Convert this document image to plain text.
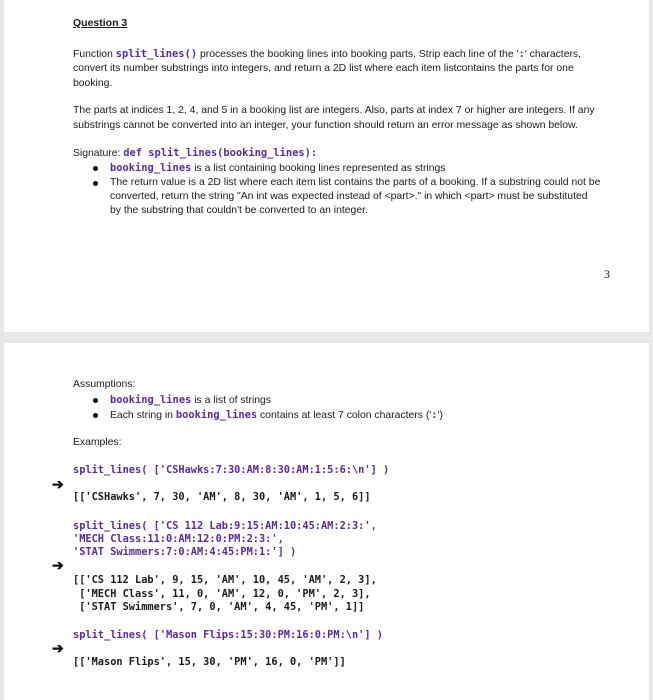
Question 3
Function split_lines() processes the booking lines into booking parts. Strip each line of the ':' characters,
convert its number substrings into integers, and return a 2D list where each item listcontains the parts for one
booking.
The parts at indices 1, 2, 4, and 5 in a booking list are integers. Also, parts at index 7 or higher are integers. If any
substrings cannot be converted into an integer, your function should return an error message as shown below.
Signature: def split_lines(booking_lines):
booking_lines is a list containing booking lines represented as strings
The return value is a 2D list where each item list contains the parts of a booking. If a substring could not be
converted, return the string "An int was expected instead of <part>." in which <part> must be substituted
by the substring that couldn't be converted to an integer.
3
Assumptions:
booking_lines is a list of strings
Each string in booking_lines contains at least 7 colon characters (':')
Examples:
split_lines( ['CSHawks:7:30:AM:8:30:AM:1:5:6:\n'] )
➔
[['CSHawks', 7, 30, 'AM', 8, 30, 'AM', 1, 5, 6]]
split_lines( ['CS 112 Lab:9:15:AM:10:45:AM:2:3:',
'MECH Class:11:0:AM:12:0:PM:2:3:',
'STAT Swimmers:7:0:AM:4:45:PM:1:'] )
➔
[['CS 112 Lab', 9, 15, 'AM', 10, 45, 'AM', 2, 3],
['MECH Class', 11, 0, 'AM', 12, 0, 'PM', 2, 3],
['STAT Swimmers', 7, 0, 'AM', 4, 45, 'PM', 1]]
split_lines( ['Mason Flips:15:30:PM:16:0:PM:\n'] )
➔
[['Mason Flips', 15, 30, 'PM', 16, 0, 'PM']]
